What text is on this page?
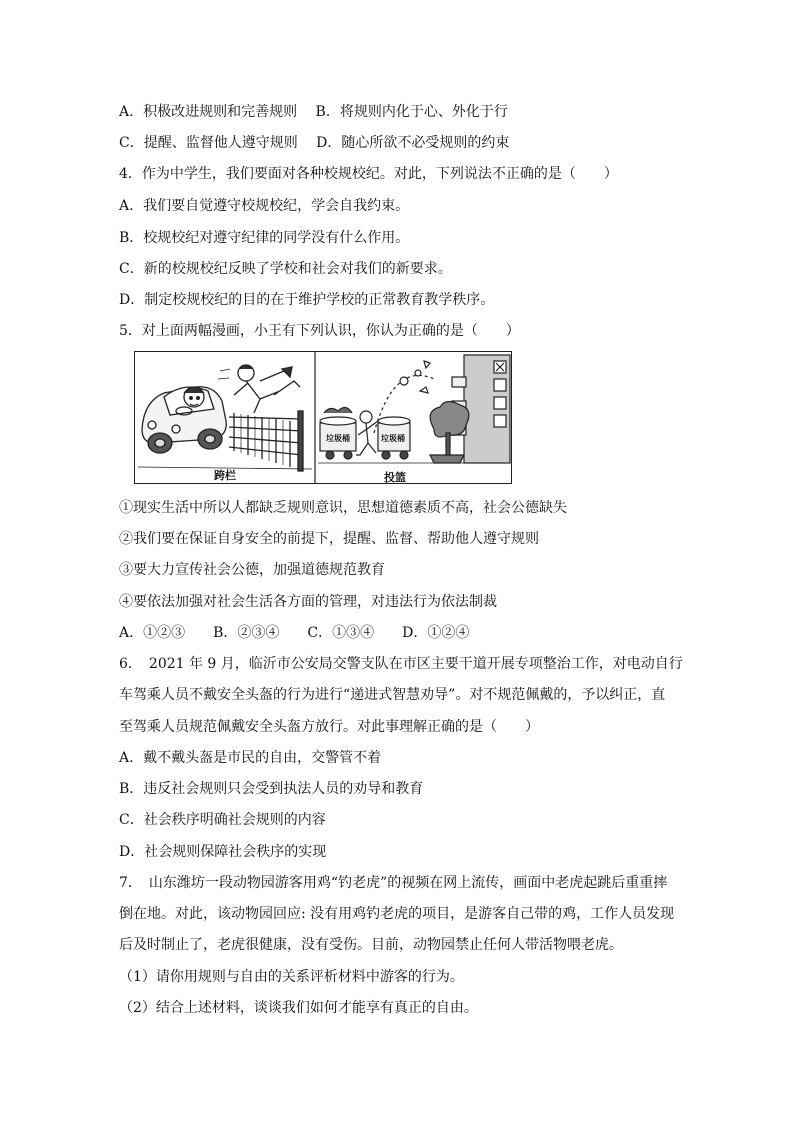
A．积极改进规则和完善规则　 B．将规则内化于心、外化于行
C．提醒、监督他人遵守规则　 D．随心所欲不必受规则的约束
4．作为中学生，我们要面对各种校规校纪。对此，下列说法不正确的是（　　）
A．我们要自觉遵守校规校纪，学会自我约束。
B．校规校纪对遵守纪律的同学没有什么作用。
C．新的校规校纪反映了学校和社会对我们的新要求。
D．制定校规校纪的目的在于维护学校的正常教育教学秩序。
5．对上面两幅漫画，小王有下列认识，你认为正确的是（　　）
垃圾桶	垃圾桶
跨栏	投篮
①现实生活中所以人都缺乏规则意识，思想道德素质不高，社会公德缺失
②我们要在保证自身安全的前提下，提醒、监督、帮助他人遵守规则
③要大力宣传社会公德，加强道德规范教育
④要依法加强对社会生活各方面的管理，对违法行为依法制裁
A．①②③　　B．②③④　　C．①③④　　D．①②④
6．　2021 年 9 月，临沂市公安局交警支队在市区主要干道开展专项整治工作，对电动自行
车驾乘人员不戴安全头盔的行为进行“递进式智慧劝导”。对不规范佩戴的，予以纠正，直
至驾乘人员规范佩戴安全头盔方放行。对此事理解正确的是（　　）
A．戴不戴头盔是市民的自由，交警管不着
B．违反社会规则只会受到执法人员的劝导和教育
C．社会秩序明确社会规则的内容
D．社会规则保障社会秩序的实现
7．　山东潍坊一段动物园游客用鸡“钓老虎”的视频在网上流传，画面中老虎起跳后重重摔
倒在地。对此，该动物园回应: 没有用鸡钓老虎的项目，是游客自己带的鸡，工作人员发现
后及时制止了，老虎很健康，没有受伤。目前，动物园禁止任何人带活物喂老虎。
（1）请你用规则与自由的关系评析材料中游客的行为。
（2）结合上述材料，谈谈我们如何才能享有真正的自由。
